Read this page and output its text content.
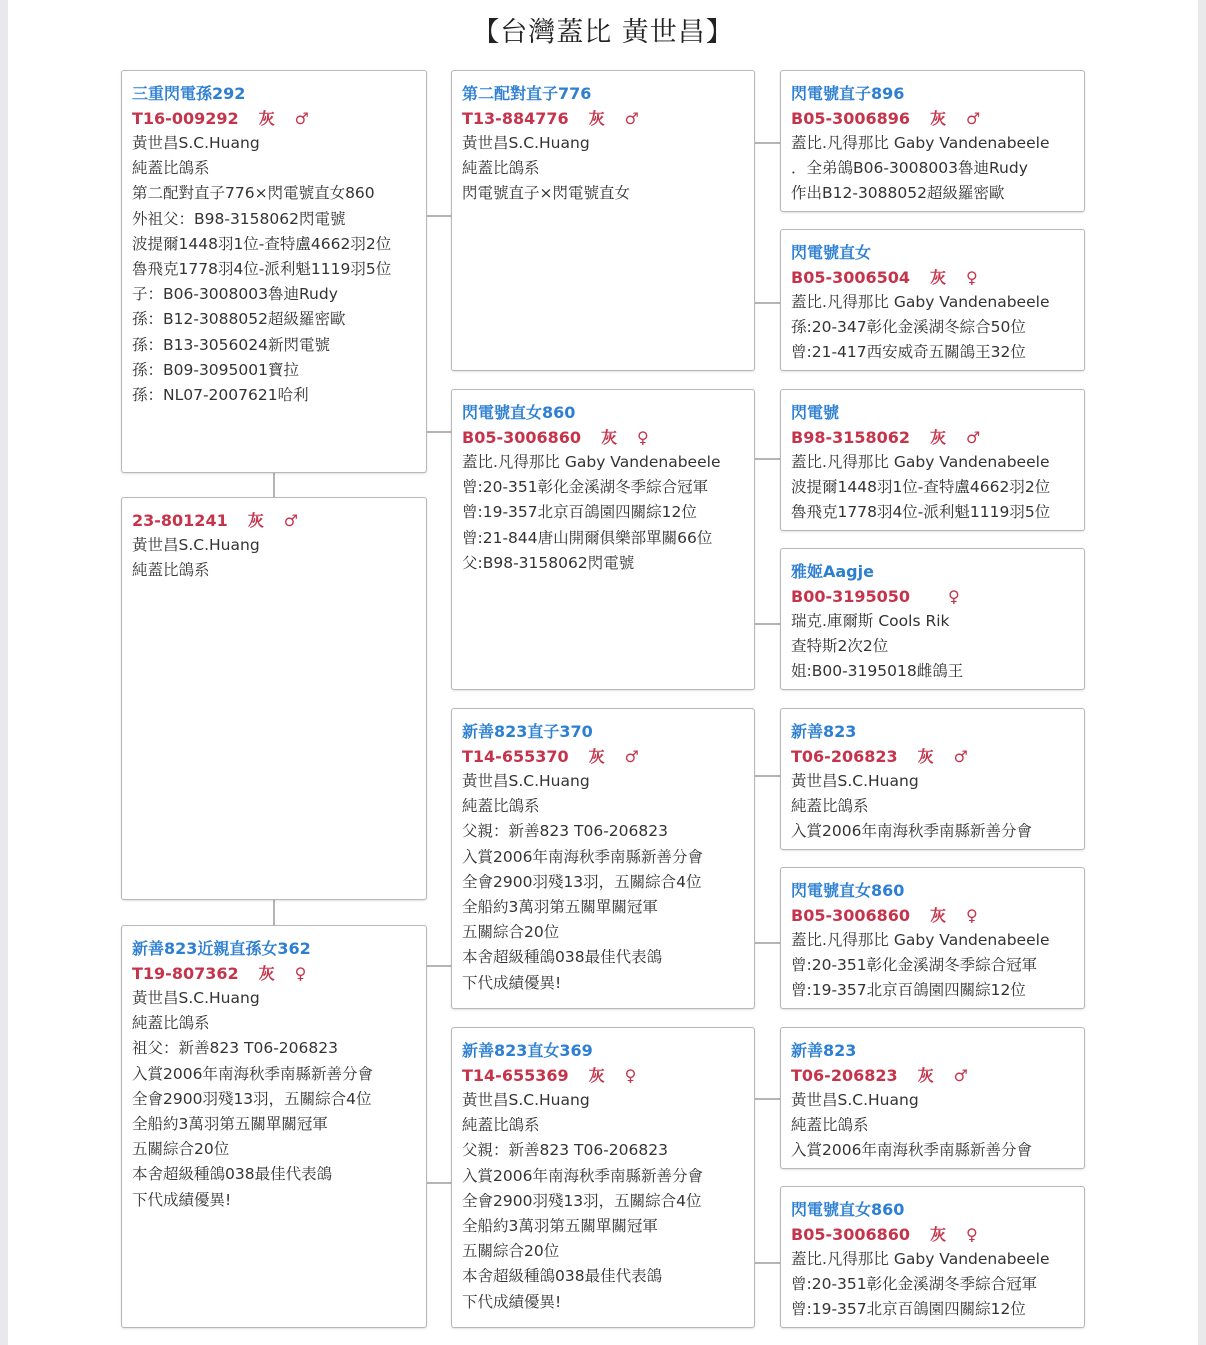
【台灣蓋比 黃世昌】
三重閃電孫292
T16-009292 灰 ♂
黃世昌S.C.Huang
純蓋比鴿系
第二配對直子776×閃電號直女860
外祖父：B98-3158062閃電號
波提爾1448羽1位-查特盧4662羽2位
魯飛克1778羽4位-派利魁1119羽5位
子：B06-3008003魯迪Rudy
孫：B12-3088052超級羅密歐
孫：B13-3056024新閃電號
孫：B09-3095001寶拉
孫：NL07-2007621哈利
23-801241 灰 ♂
黃世昌S.C.Huang
純蓋比鴿系
新善823近親直孫女362
T19-807362 灰 ♀
黃世昌S.C.Huang
純蓋比鴿系
祖父：新善823 T06-206823
入賞2006年南海秋季南縣新善分會
全會2900羽殘13羽，五關綜合4位
全船約3萬羽第五關單關冠軍
五關綜合20位
本舍超級種鴿038最佳代表鴿
下代成績優異!
第二配對直子776
T13-884776 灰 ♂
黃世昌S.C.Huang
純蓋比鴿系
閃電號直子×閃電號直女
閃電號直女860
B05-3006860 灰 ♀
蓋比.凡得那比 Gaby Vandenabeele
曾:20-351彰化金溪湖冬季綜合冠軍
曾:19-357北京百鴿園四關綜12位
曾:21-844唐山開爾俱樂部單關66位
父:B98-3158062閃電號
新善823直子370
T14-655370 灰 ♂
黃世昌S.C.Huang
純蓋比鴿系
父親：新善823 T06-206823
入賞2006年南海秋季南縣新善分會
全會2900羽殘13羽，五關綜合4位
全船約3萬羽第五關單關冠軍
五關綜合20位
本舍超級種鴿038最佳代表鴿
下代成績優異!
新善823直女369
T14-655369 灰 ♀
黃世昌S.C.Huang
純蓋比鴿系
父親：新善823 T06-206823
入賞2006年南海秋季南縣新善分會
全會2900羽殘13羽，五關綜合4位
全船約3萬羽第五關單關冠軍
五關綜合20位
本舍超級種鴿038最佳代表鴿
下代成績優異!
閃電號直子896
B05-3006896 灰 ♂
蓋比.凡得那比 Gaby Vandenabeele
．全弟鴿B06-3008003魯迪Rudy
作出B12-3088052超級羅密歐
閃電號直女
B05-3006504 灰 ♀
蓋比.凡得那比 Gaby Vandenabeele
孫:20-347彰化金溪湖冬綜合50位
曾:21-417西安威奇五關鴿王32位
閃電號
B98-3158062 灰 ♂
蓋比.凡得那比 Gaby Vandenabeele
波提爾1448羽1位-查特盧4662羽2位
魯飛克1778羽4位-派利魁1119羽5位
雅姬Aagje
B00-3195050 ♀
瑞克.庫爾斯 Cools Rik
查特斯2次2位
姐:B00-3195018雌鴿王
新善823
T06-206823 灰 ♂
黃世昌S.C.Huang
純蓋比鴿系
入賞2006年南海秋季南縣新善分會
閃電號直女860
B05-3006860 灰 ♀
蓋比.凡得那比 Gaby Vandenabeele
曾:20-351彰化金溪湖冬季綜合冠軍
曾:19-357北京百鴿園四關綜12位
新善823
T06-206823 灰 ♂
黃世昌S.C.Huang
純蓋比鴿系
入賞2006年南海秋季南縣新善分會
閃電號直女860
B05-3006860 灰 ♀
蓋比.凡得那比 Gaby Vandenabeele
曾:20-351彰化金溪湖冬季綜合冠軍
曾:19-357北京百鴿園四關綜12位
